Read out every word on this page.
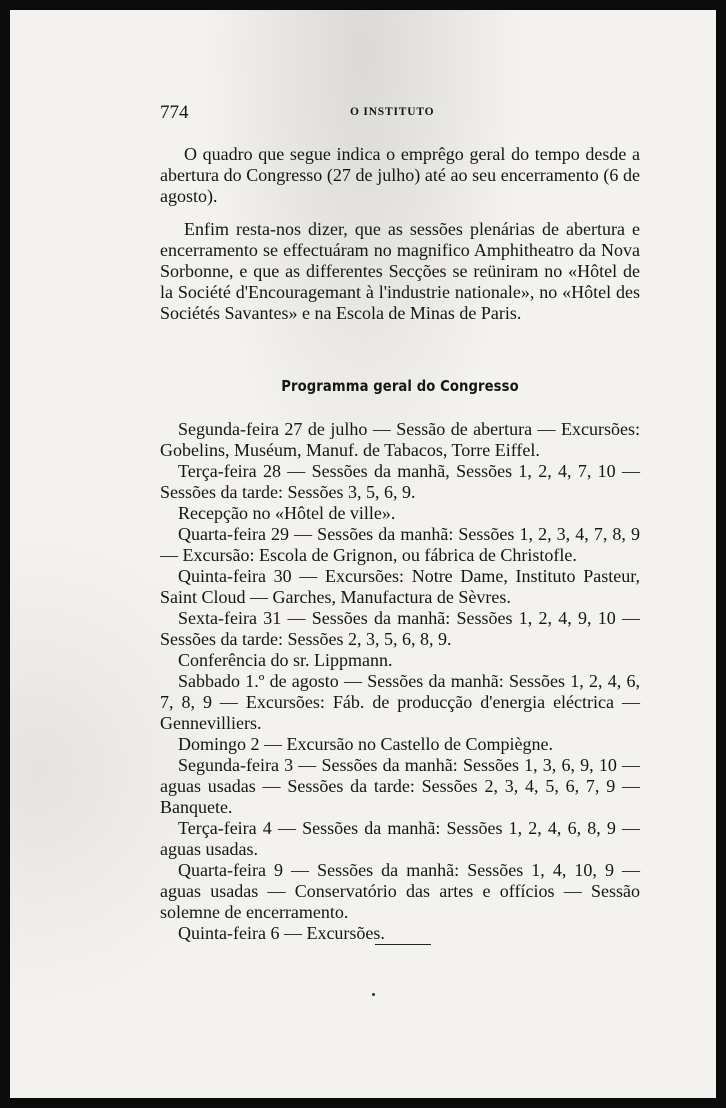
774	O INSTITUTO

O quadro que segue indica o emprêgo geral do tempo desde a abertura do Congresso (27 de julho) até ao seu encerramento (6 de agosto).

Enfim resta-nos dizer, que as sessões plenárias de abertura e encerramento se effectuáram no magnifico Amphitheatro da Nova Sorbonne, e que as differentes Secções se reüniram no «Hôtel de la Société d'Encouragemant à l'industrie nationale», no «Hôtel des Sociétés Savantes» e na Escola de Minas de Paris.

Programma geral do Congresso

Segunda-feira 27 de julho — Sessão de abertura — Excursões: Gobelins, Muséum, Manuf. de Tabacos, Torre Eiffel.

Terça-feira 28 — Sessões da manhã, Sessões 1, 2, 4, 7, 10 — Sessões da tarde: Sessões 3, 5, 6, 9.

Recepção no «Hôtel de ville».

Quarta-feira 29 — Sessões da manhã: Sessões 1, 2, 3, 4, 7, 8, 9 — Excursão: Escola de Grignon, ou fábrica de Christofle.

Quinta-feira 30 — Excursões: Notre Dame, Instituto Pasteur, Saint Cloud — Garches, Manufactura de Sèvres.

Sexta-feira 31 — Sessões da manhã: Sessões 1, 2, 4, 9, 10 — Sessões da tarde: Sessões 2, 3, 5, 6, 8, 9.

Conferência do sr. Lippmann.

Sabbado 1.º de agosto — Sessões da manhã: Sessões 1, 2, 4, 6, 7, 8, 9 — Excursões: Fáb. de producção d'energia eléctrica — Gennevilliers.

Domingo 2 — Excursão no Castello de Compiègne.

Segunda-feira 3 — Sessões da manhã: Sessões 1, 3, 6, 9, 10 — aguas usadas — Sessões da tarde: Sessões 2, 3, 4, 5, 6, 7, 9 — Banquete.

Terça-feira 4 — Sessões da manhã: Sessões 1, 2, 4, 6, 8, 9 — aguas usadas.

Quarta-feira 9 — Sessões da manhã: Sessões 1, 4, 10, 9 — aguas usadas — Conservatório das artes e offícios — Sessão solemne de encerramento.

Quinta-feira 6 — Excursões.
